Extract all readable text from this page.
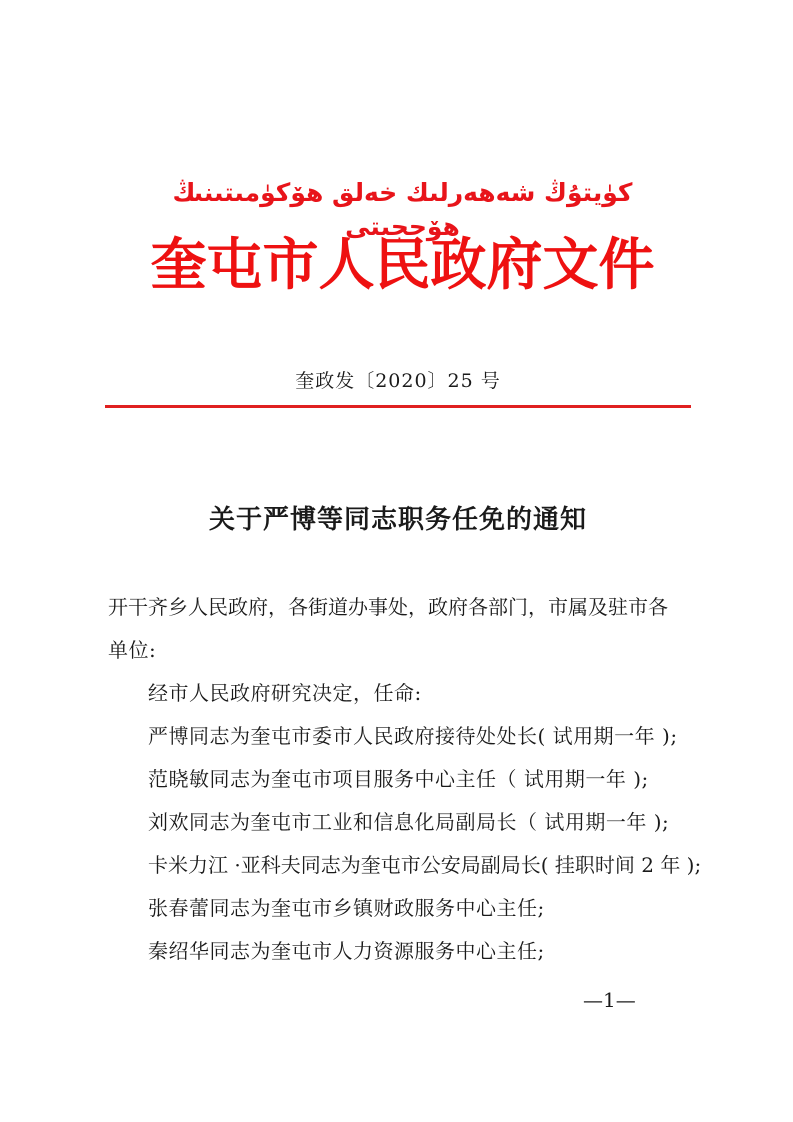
كۈيتۇڭ شەھەرلىك خەلق ھۆكۈمىتىنىڭ ھۆججىتى
奎屯市人民政府文件
奎政发〔2020〕25 号
关于严博等同志职务任免的通知
开干齐乡人民政府，各街道办事处，政府各部门，市属及驻市各
单位:
经市人民政府研究决定，任命:
严博同志为奎屯市委市人民政府接待处处长( 试用期一年 );
范晓敏同志为奎屯市项目服务中心主任（ 试用期一年 );
刘欢同志为奎屯市工业和信息化局副局长（ 试用期一年 );
卡米力江 ·亚科夫同志为奎屯市公安局副局长( 挂职时间 2 年 );
张春蕾同志为奎屯市乡镇财政服务中心主任;
秦绍华同志为奎屯市人力资源服务中心主任;
—1—
